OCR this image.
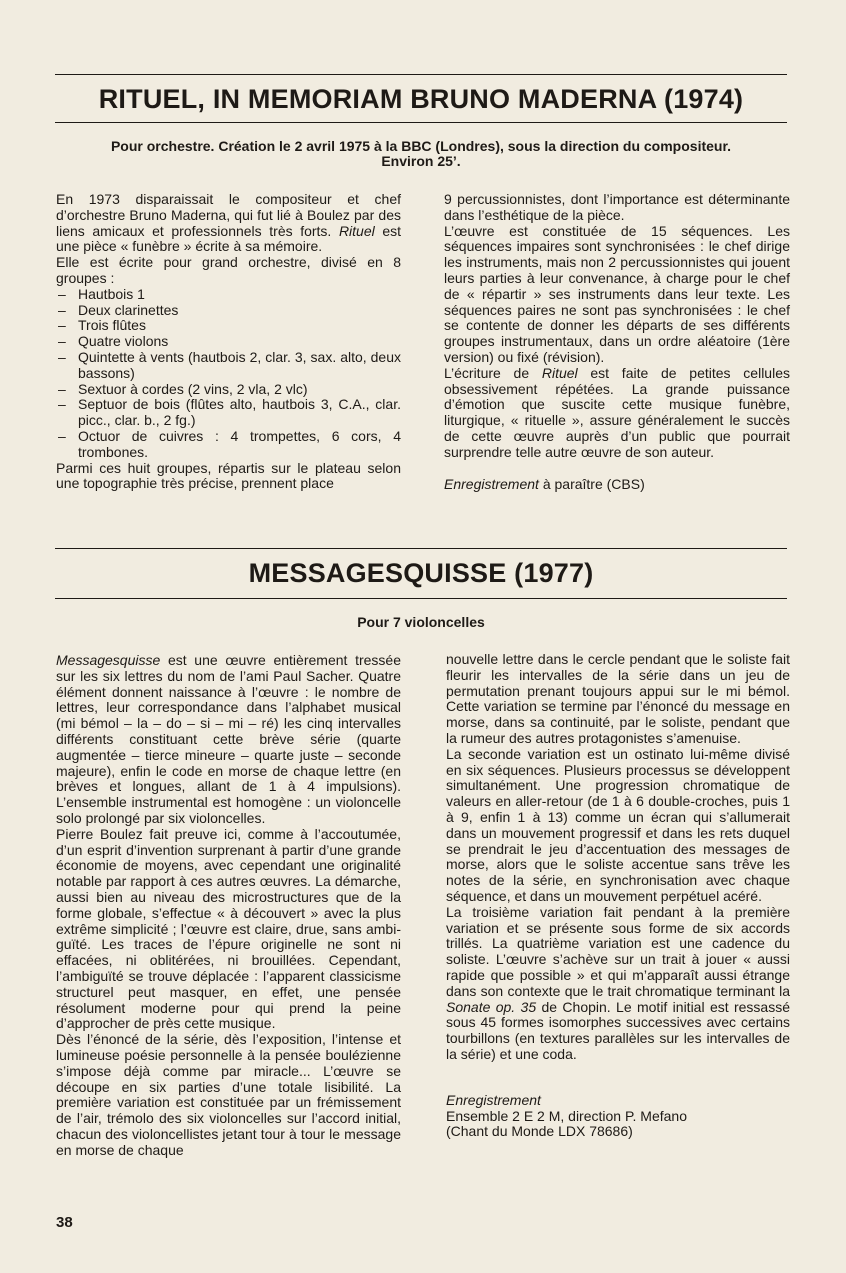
RITUEL, IN MEMORIAM BRUNO MADERNA (1974)
Pour orchestre. Création le 2 avril 1975 à la BBC (Londres), sous la direction du compositeur.
Environ 25’.

En 1973 disparaissait le compositeur et chef d’orchestre Bruno Maderna, qui fut lié à Boulez par des liens amicaux et professionnels très forts. Rituel est une pièce « funèbre » écrite à sa mémoire.

Elle est écrite pour grand orchestre, divisé en 8 groupes :

– Hautbois 1
– Deux clarinettes
– Trois flûtes
– Quatre violons
– Quintette à vents (hautbois 2, clar. 3, sax. alto, deux bassons)
– Sextuor à cordes (2 vins, 2 vla, 2 vlc)
– Septuor de bois (flûtes alto, hautbois 3, C.A., clar. picc., clar. b., 2 fg.)
– Octuor de cuivres : 4 trompettes, 6 cors, 4 trombones.

Parmi ces huit groupes, répartis sur le plateau selon une topographie très précise, prennent place

9 percussionnistes, dont l’importance est déterminante dans l’esthétique de la pièce.

L’œuvre est constituée de 15 séquences. Les séquences impaires sont synchronisées : le chef dirige les instruments, mais non 2 percussionnistes qui jouent leurs parties à leur convenance, à charge pour le chef de « répartir » ses instruments dans leur texte. Les séquences paires ne sont pas synchronisées : le chef se contente de donner les départs de ses différents groupes instrumentaux, dans un ordre aléatoire (1ère version) ou fixé (révision).

L’écriture de Rituel est faite de petites cellules obsessivement répétées. La grande puissance d’émotion que suscite cette musique funèbre, liturgique, « rituelle », assure généralement le succès de cette œuvre auprès d’un public que pourrait surprendre telle autre œuvre de son auteur.

Enregistrement à paraître (CBS)

MESSAGESQUISSE (1977)
Pour 7 violoncelles

Messagesquisse est une œuvre entièrement tressée sur les six lettres du nom de l’ami Paul Sacher. Quatre élément donnent naissance à l’œuvre : le nombre de lettres, leur correspondance dans l’alphabet musical (mi bémol – la – do – si – mi – ré) les cinq intervalles différents constituant cette brève série (quarte augmentée – tierce mineure – quarte juste – seconde majeure), enfin le code en morse de chaque lettre (en brèves et longues, allant de 1 à 4 impulsions). L’ensemble instrumental est homogène : un violoncelle solo prolongé par six violoncelles.

Pierre Boulez fait preuve ici, comme à l’accoutumée, d’un esprit d’invention surprenant à partir d’une grande économie de moyens, avec cependant une originalité notable par rapport à ces autres œuvres. La démarche, aussi bien au niveau des microstructures que de la forme globale, s’effectue « à découvert » avec la plus extrême simplicité ; l’œuvre est claire, drue, sans ambiguïté. Les traces de l’épure originelle ne sont ni effacées, ni oblitérées, ni brouillées. Cependant, l’ambiguïté se trouve déplacée : l’apparent classicisme structurel peut masquer, en effet, une pensée résolument moderne pour qui prend la peine d’approcher de près cette musique.

Dès l’énoncé de la série, dès l’exposition, l’intense et lumineuse poésie personnelle à la pensée boulézienne s’impose déjà comme par miracle... L’œuvre se découpe en six parties d’une totale lisibilité. La première variation est constituée par un frémissement de l’air, trémolo des six violoncelles sur l’accord initial, chacun des violoncellistes jetant tour à tour le message en morse de chaque

nouvelle lettre dans le cercle pendant que le soliste fait fleurir les intervalles de la série dans un jeu de permutation prenant toujours appui sur le mi bémol. Cette variation se termine par l’énoncé du message en morse, dans sa continuité, par le soliste, pendant que la rumeur des autres protagonistes s’amenuise.

La seconde variation est un ostinato lui-même divisé en six séquences. Plusieurs processus se développent simultanément. Une progression chromatique de valeurs en aller-retour (de 1 à 6 double-croches, puis 1 à 9, enfin 1 à 13) comme un écran qui s’allumerait dans un mouvement progressif et dans les rets duquel se prendrait le jeu d’accentuation des messages de morse, alors que le soliste accentue sans trêve les notes de la série, en synchronisation avec chaque séquence, et dans un mouvement perpétuel acéré.

La troisième variation fait pendant à la première variation et se présente sous forme de six accords trillés. La quatrième variation est une cadence du soliste. L’œuvre s’achève sur un trait à jouer « aussi rapide que possible » et qui m’apparaît aussi étrange dans son contexte que le trait chromatique terminant la Sonate op. 35 de Chopin. Le motif initial est ressassé sous 45 formes isomorphes successives avec certains tourbillons (en textures parallèles sur les intervalles de la série) et une coda.

Enregistrement

Ensemble 2 E 2 M, direction P. Mefano

(Chant du Monde LDX 78686)

38
